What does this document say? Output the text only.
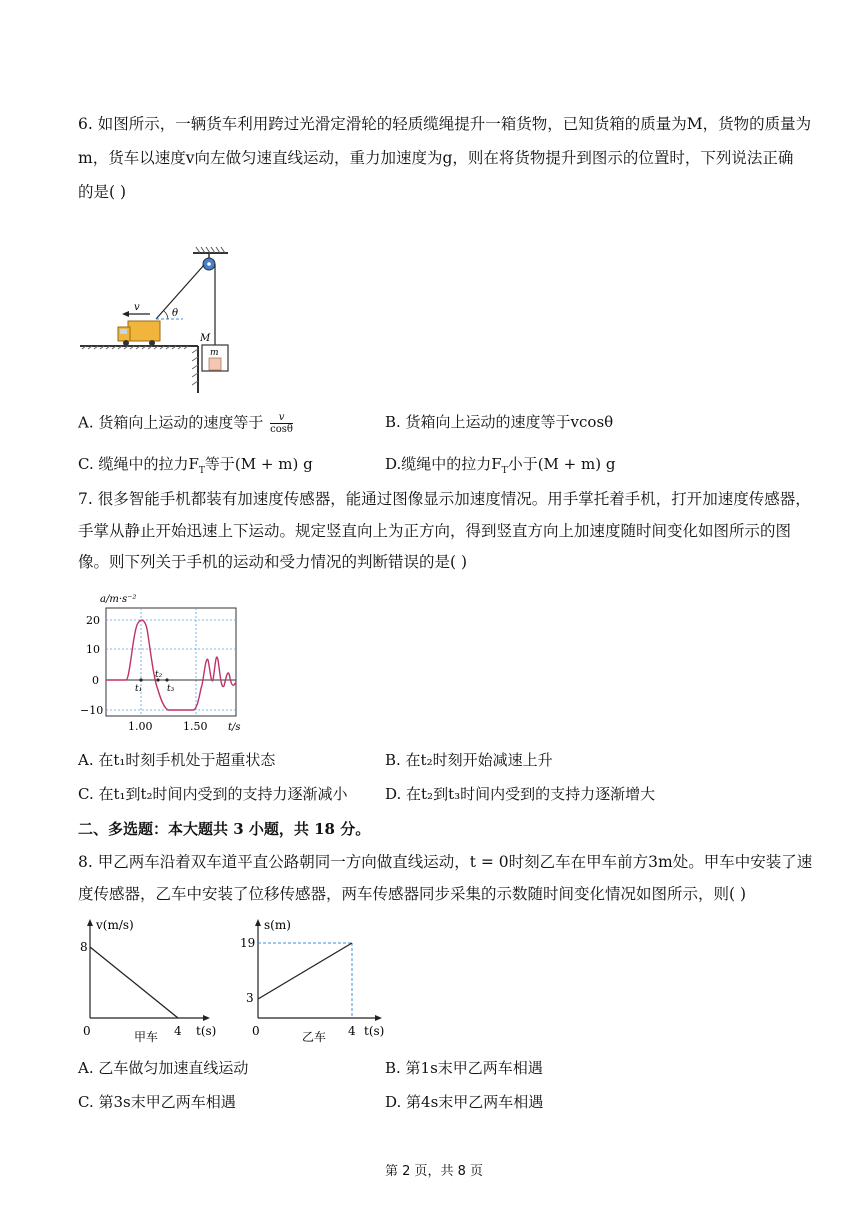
6. 如图所示，一辆货车利用跨过光滑定滑轮的轻质缆绳提升一箱货物，已知货箱的质量为M，货物的质量为
m，货车以速度v向左做匀速直线运动，重力加速度为g，则在将货物提升到图示的位置时，下列说法正确
的是( )
θ
v
M
m
A. 货箱向上运动的速度等于 $\frac{v}{\cos\theta}$	B. 货箱向上运动的速度等于vcosθ
C. 缆绳中的拉力$F_T$等于(M + m) g	D.缆绳中的拉力$F_T$小于(M + m) g
7. 很多智能手机都装有加速度传感器，能通过图像显示加速度情况。用手掌托着手机，打开加速度传感器，
手掌从静止开始迅速上下运动。规定竖直向上为正方向，得到竖直方向上加速度随时间变化如图所示的图
像。则下列关于手机的运动和受力情况的判断错误的是( )
a/m·s⁻²
20
10
0
−10
1.00	1.50 t/s
t₁
t₂
t₃
A. 在t₁时刻手机处于超重状态	B. 在t₂时刻开始减速上升
C. 在t₁到t₂时间内受到的支持力逐渐减小 D. 在t₂到t₃时间内受到的支持力逐渐增大
二、多选题：本大题共 3 小题，共 18 分。
8. 甲乙两车沿着双车道平直公路朝同一方向做直线运动，t = 0时刻乙车在甲车前方3m处。甲车中安装了速
度传感器，乙车中安装了位移传感器，两车传感器同步采集的示数随时间变化情况如图所示，则( )
v(m/s)
t(s)
8
0	4
甲车
s(m)
t(s)
19
3
0	4
乙车
A. 乙车做匀加速直线运动	B. 第1s末甲乙两车相遇
C. 第3s末甲乙两车相遇	D. 第4s末甲乙两车相遇
第 2 页，共 8 页
